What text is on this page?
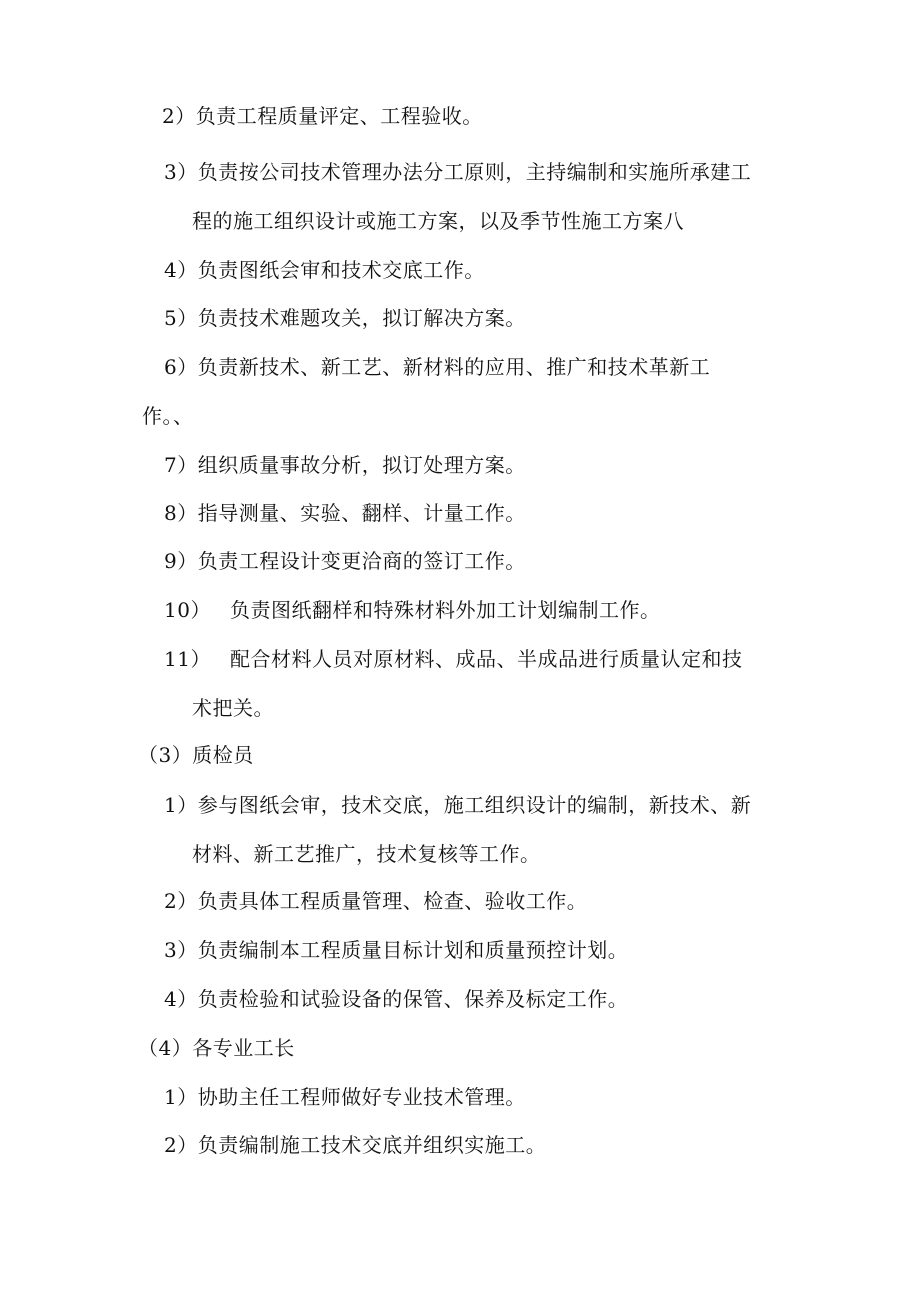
2）负责工程质量评定、工程验收。
3）负责按公司技术管理办法分工原则，主持编制和实施所承建工
程的施工组织设计或施工方案，以及季节性施工方案八
4）负责图纸会审和技术交底工作。
5）负责技术难题攻关，拟订解决方案。
6）负责新技术、新工艺、新材料的应用、推广和技术革新工
作。、
7）组织质量事故分析，拟订处理方案。
8）指导测量、实验、翻样、计量工作。
9）负责工程设计变更洽商的签订工作。
10） 负责图纸翻样和特殊材料外加工计划编制工作。
11） 配合材料人员对原材料、成品、半成品进行质量认定和技
术把关。
（3）质检员
1）参与图纸会审，技术交底，施工组织设计的编制，新技术、新
材料、新工艺推广，技术复核等工作。
2）负责具体工程质量管理、检查、验收工作。
3）负责编制本工程质量目标计划和质量预控计划。
4）负责检验和试验设备的保管、保养及标定工作。
（4）各专业工长
1）协助主任工程师做好专业技术管理。
2）负责编制施工技术交底并组织实施工。
